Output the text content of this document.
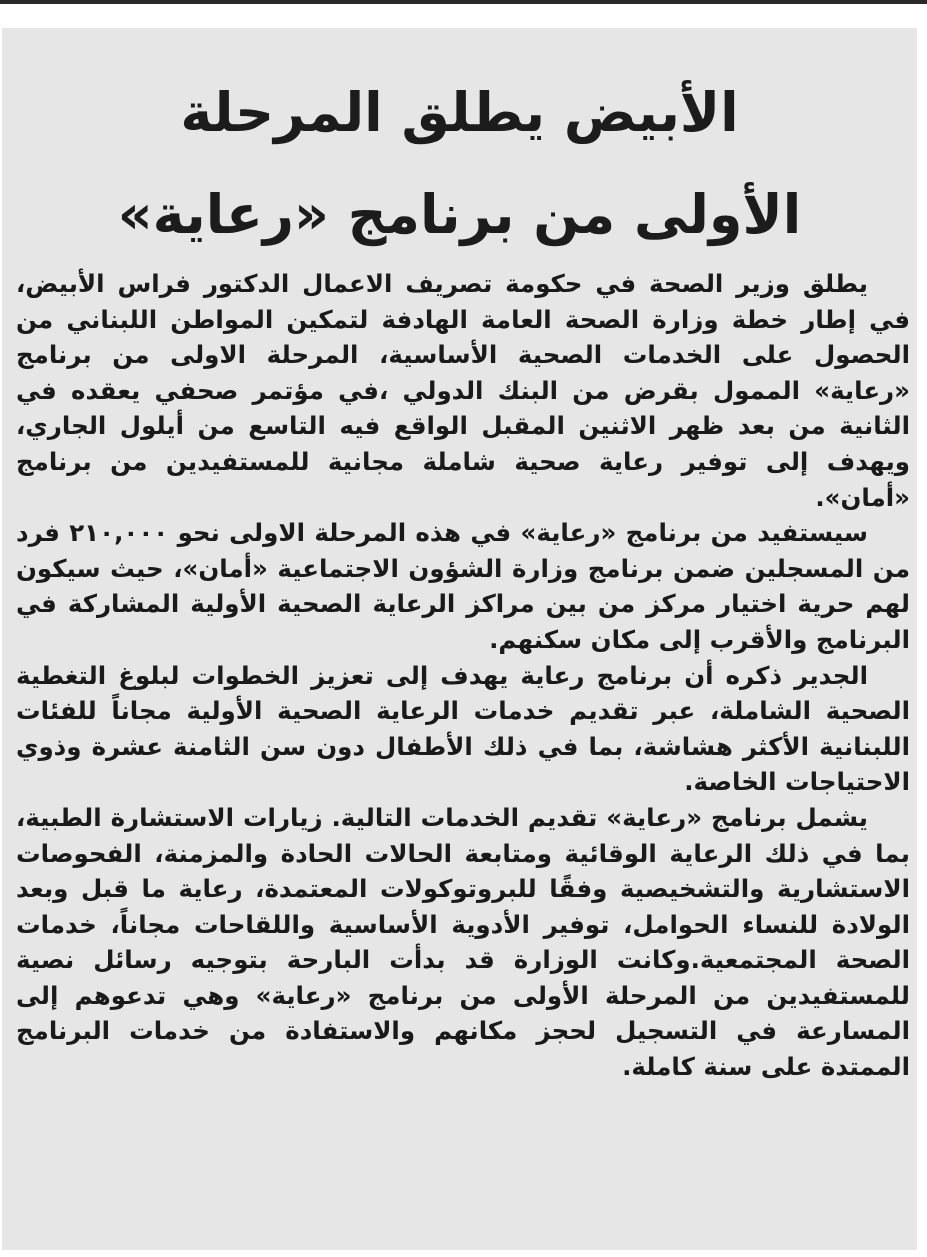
الأبيض يطلق المرحلة
الأولى من برنامج «رعاية»

يطلق وزير الصحة في حكومة تصريف الاعمال الدكتور فراس الأبيض، في إطار خطة وزارة الصحة العامة الهادفة لتمكين المواطن اللبناني من الحصول على الخدمات الصحية الأساسية، المرحلة الاولى من برنامج «رعاية» الممول بقرض من البنك الدولي ،في مؤتمر صحفي يعقده في الثانية من بعد ظهر الاثنين المقبل الواقع فيه التاسع من أيلول الجاري، ويهدف إلى توفير رعاية صحية شاملة مجانية للمستفيدين من برنامج «أمان».

سيستفيد من برنامج «رعاية» في هذه المرحلة الاولى نحو ٢١٠,٠٠٠ فرد من المسجلين ضمن برنامج وزارة الشؤون الاجتماعية «أمان»، حيث سيكون لهم حرية اختيار مركز من بين مراكز الرعاية الصحية الأولية المشاركة في البرنامج والأقرب إلى مكان سكنهم.

الجدير ذكره أن برنامج رعاية يهدف إلى تعزيز الخطوات لبلوغ التغطية الصحية الشاملة، عبر تقديم خدمات الرعاية الصحية الأولية مجاناً للفئات اللبنانية الأكثر هشاشة، بما في ذلك الأطفال دون سن الثامنة عشرة وذوي الاحتياجات الخاصة.

يشمل برنامج «رعاية» تقديم الخدمات التالية. زيارات الاستشارة الطبية، بما في ذلك الرعاية الوقائية ومتابعة الحالات الحادة والمزمنة، الفحوصات الاستشارية والتشخيصية وفقًا للبروتوكولات المعتمدة، رعاية ما قبل وبعد الولادة للنساء الحوامل، توفير الأدوية الأساسية واللقاحات مجاناً، خدمات الصحة المجتمعية.وكانت الوزارة قد بدأت البارحة بتوجيه رسائل نصية للمستفيدين من المرحلة الأولى من برنامج «رعاية» وهي تدعوهم إلى المسارعة في التسجيل لحجز مكانهم والاستفادة من خدمات البرنامج الممتدة على سنة كاملة.
